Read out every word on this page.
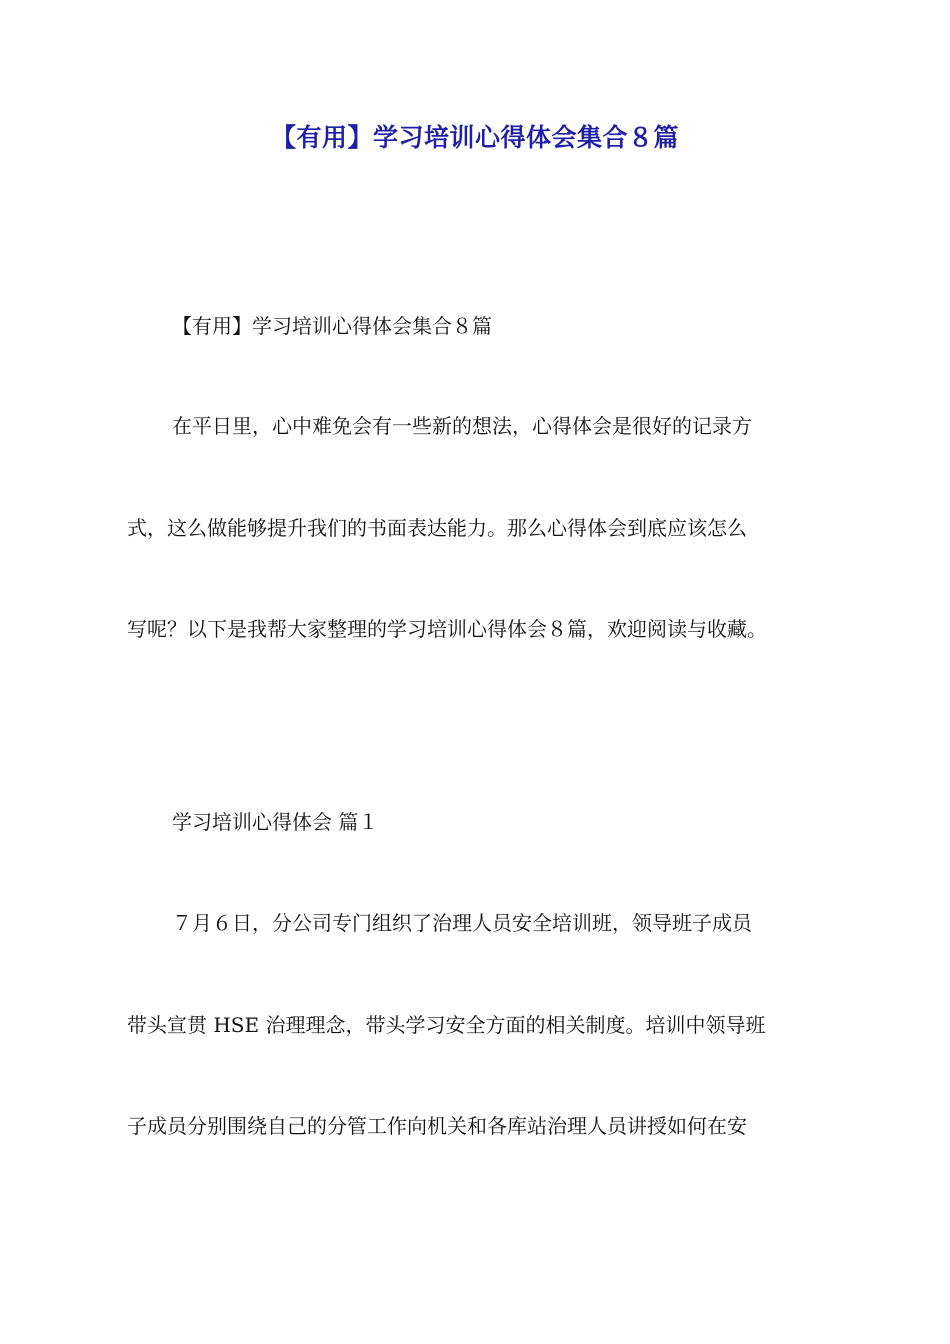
【有用】学习培训心得体会集合８篇
【有用】学习培训心得体会集合８篇
在平日里，心中难免会有一些新的想法，心得体会是很好的记录方
式，这么做能够提升我们的书面表达能力。那么心得体会到底应该怎么
写呢？以下是我帮大家整理的学习培训心得体会８篇，欢迎阅读与收藏。
学习培训心得体会 篇１
７月６日，分公司专门组织了治理人员安全培训班，领导班子成员
带头宣贯 HSE 治理理念，带头学习安全方面的相关制度。培训中领导班
子成员分别围绕自己的分管工作向机关和各库站治理人员讲授如何在安
